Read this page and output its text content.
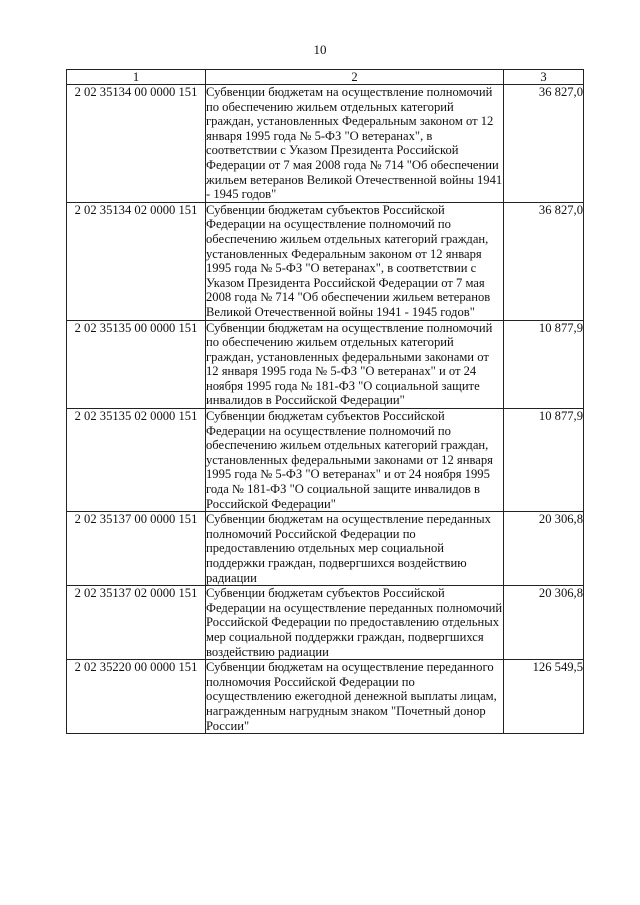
10
1	2	3
2 02 35134 00 0000 151	Субвенции бюджетам на осуществление полномочий по обеспечению жильем отдельных категорий граждан, установленных Федеральным законом от 12 января 1995 года № 5-ФЗ "О ветеранах", в соответствии с Указом Президента Российской Федерации от 7 мая 2008 года № 714 "Об обеспечении жильем ветеранов Великой Отечественной войны 1941 - 1945 годов"	36 827,0
2 02 35134 02 0000 151	Субвенции бюджетам субъектов Российской Федерации на осуществление полномочий по обеспечению жильем отдельных категорий граждан, установленных Федеральным законом от 12 января 1995 года № 5-ФЗ "О ветеранах", в соответствии с Указом Президента Российской Федерации от 7 мая 2008 года № 714 "Об обеспечении жильем ветеранов Великой Отечественной войны 1941 - 1945 годов"	36 827,0
2 02 35135 00 0000 151	Субвенции бюджетам на осуществление полномочий по обеспечению жильем отдельных категорий граждан, установленных федеральными законами от 12 января 1995 года № 5-ФЗ "О ветеранах" и от 24 ноября 1995 года № 181-ФЗ "О социальной защите инвалидов в Российской Федерации"	10 877,9
2 02 35135 02 0000 151	Субвенции бюджетам субъектов Российской Федерации на осуществление полномочий по обеспечению жильем отдельных категорий граждан, установленных федеральными законами от 12 января 1995 года № 5-ФЗ "О ветеранах" и от 24 ноября 1995 года № 181-ФЗ "О социальной защите инвалидов в Российской Федерации"	10 877,9
2 02 35137 00 0000 151	Субвенции бюджетам на осуществление переданных полномочий Российской Федерации по предоставлению отдельных мер социальной поддержки граждан, подвергшихся воздействию радиации	20 306,8
2 02 35137 02 0000 151	Субвенции бюджетам субъектов Российской Федерации на осуществление переданных полномочий Российской Федерации по предоставлению отдельных мер социальной поддержки граждан, подвергшихся воздействию радиации	20 306,8
2 02 35220 00 0000 151	Субвенции бюджетам на осуществление переданного полномочия Российской Федерации по осуществлению ежегодной денежной выплаты лицам, награжденным нагрудным знаком "Почетный донор России"	126 549,5
